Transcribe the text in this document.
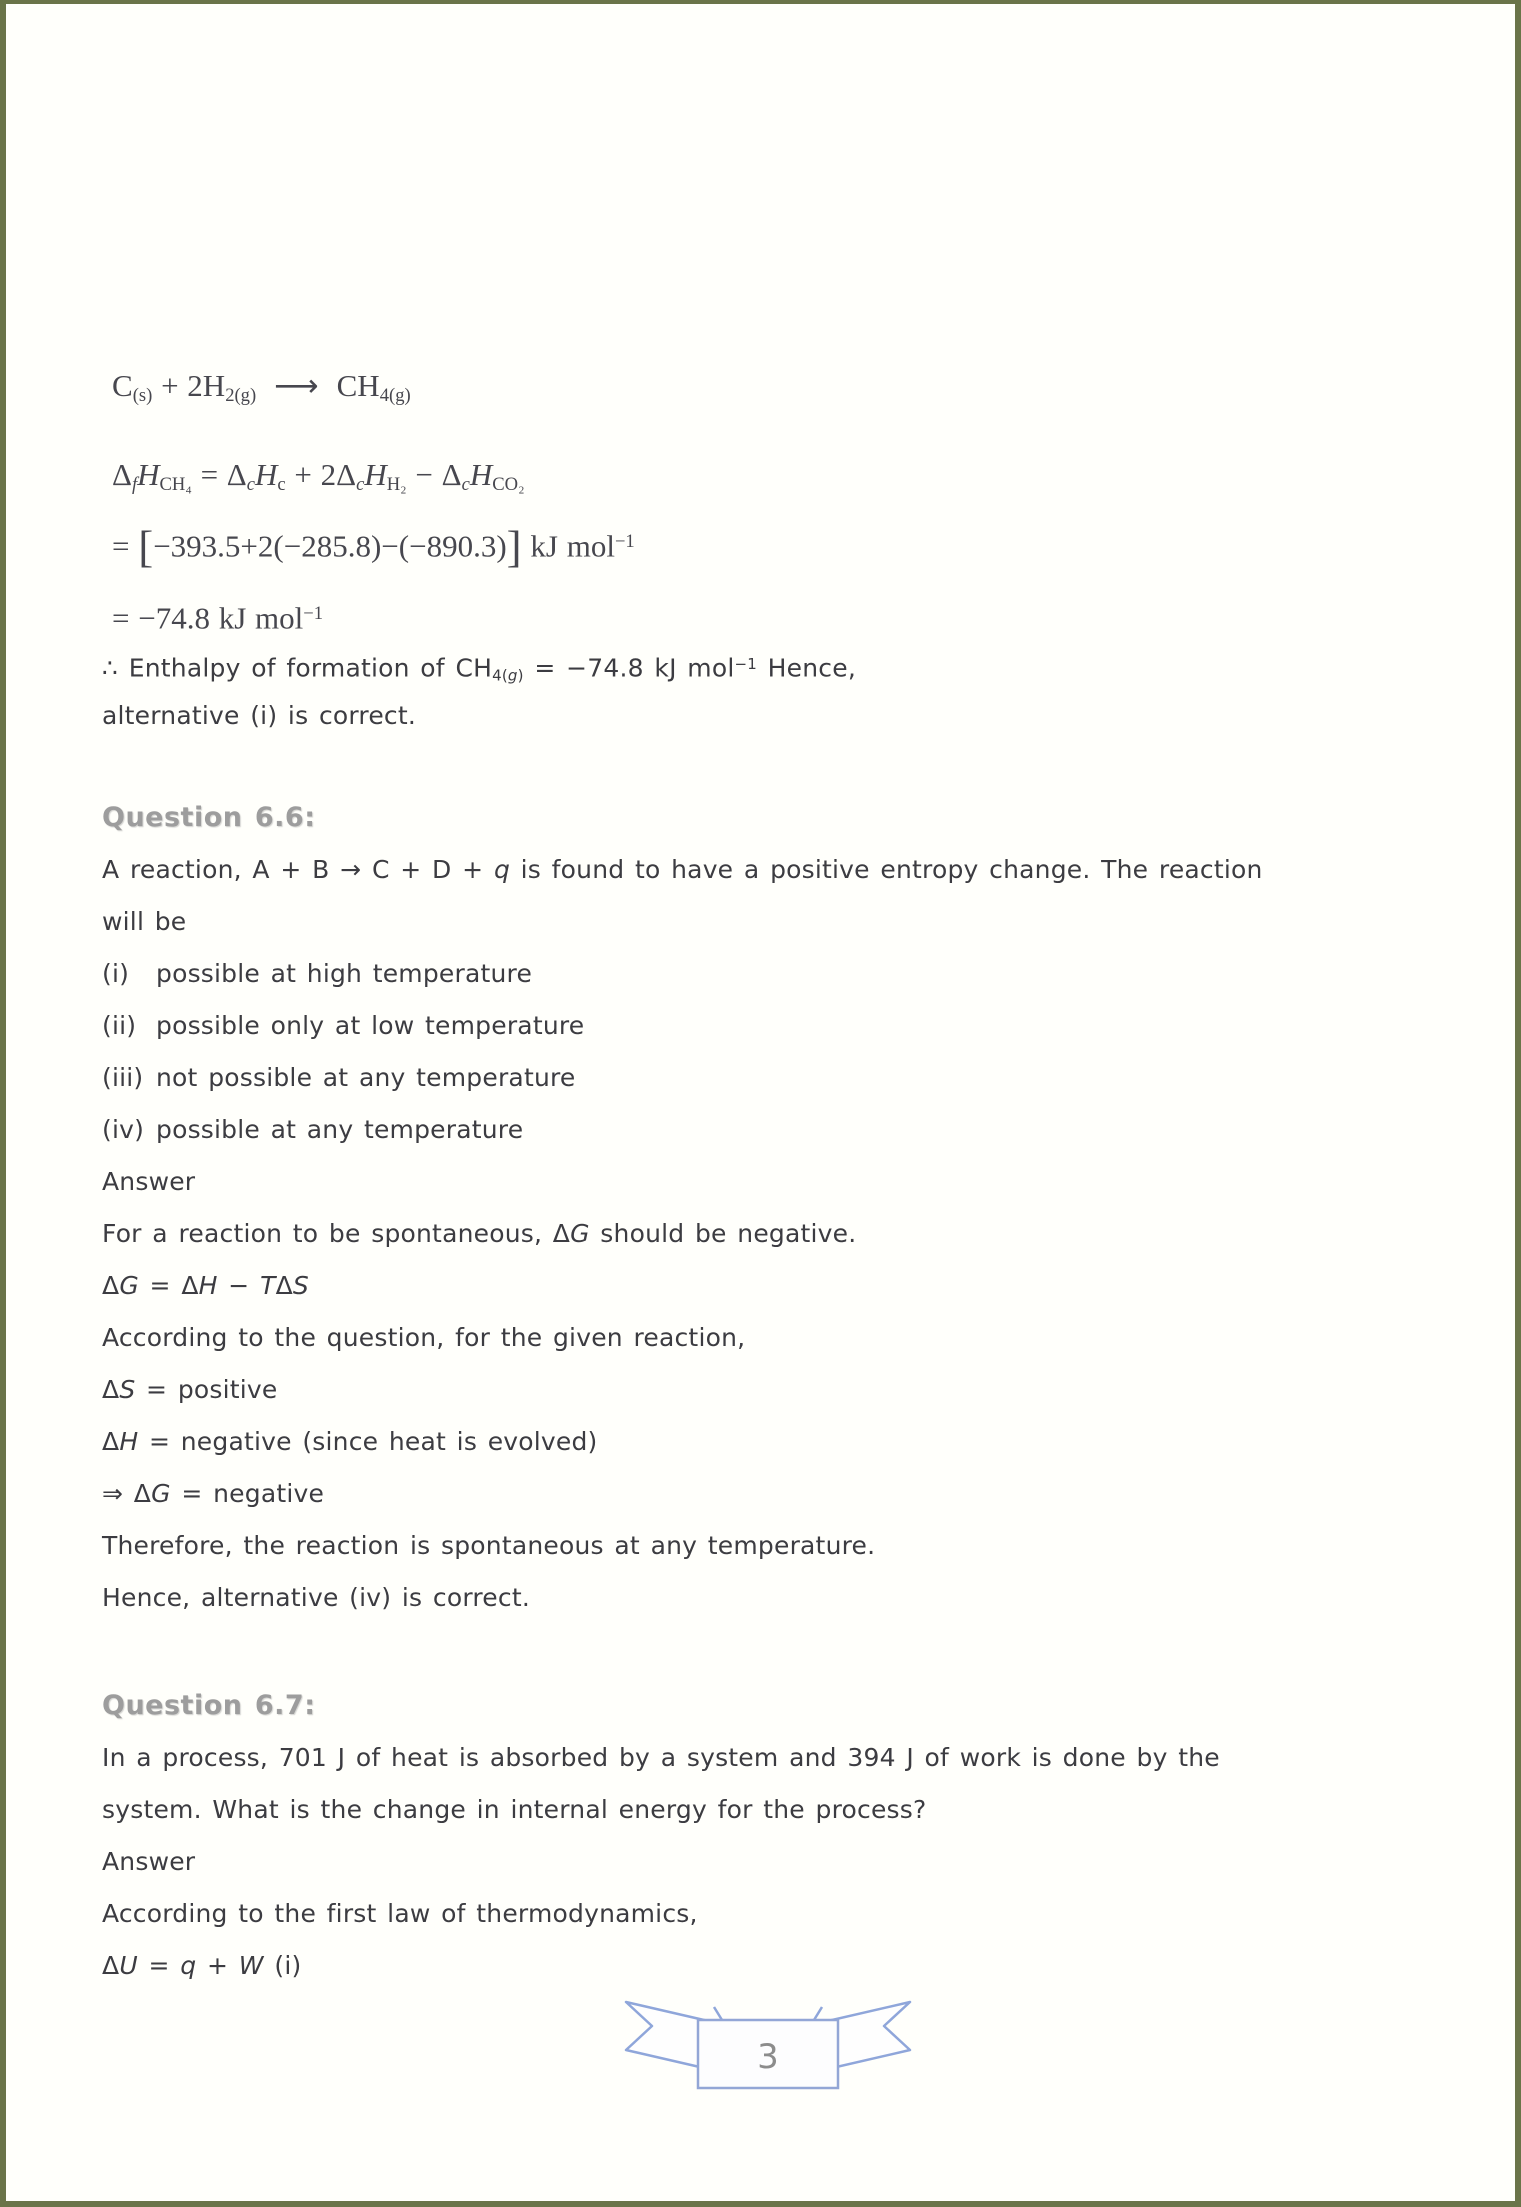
C(s) + 2H2(g) ⟶ CH4(g)
ΔfHCH₄ = ΔcHc + 2ΔcHH₂ − ΔcHCO₂
= [−393.5+2(−285.8)−(−890.3)] kJ mol$^{-1}$
= −74.8 kJ mol$^{-1}$

∴ Enthalpy of formation of CH4(g) = −74.8 kJ mol$^{-1}$ Hence,

alternative (i) is correct.

Question 6.6:

A reaction, A + B → C + D + q is found to have a positive entropy change. The reaction

will be

(i) possible at high temperature
(ii) possible only at low temperature
(iii) not possible at any temperature
(iv) possible at any temperature

Answer

For a reaction to be spontaneous, ΔG should be negative.

ΔG = ΔH − TΔS

According to the question, for the given reaction,

ΔS = positive

ΔH = negative (since heat is evolved)

⇒ ΔG = negative

Therefore, the reaction is spontaneous at any temperature.

Hence, alternative (iv) is correct.

Question 6.7:

In a process, 701 J of heat is absorbed by a system and 394 J of work is done by the

system. What is the change in internal energy for the process?

Answer

According to the first law of thermodynamics,

ΔU = q + W (i)

3
